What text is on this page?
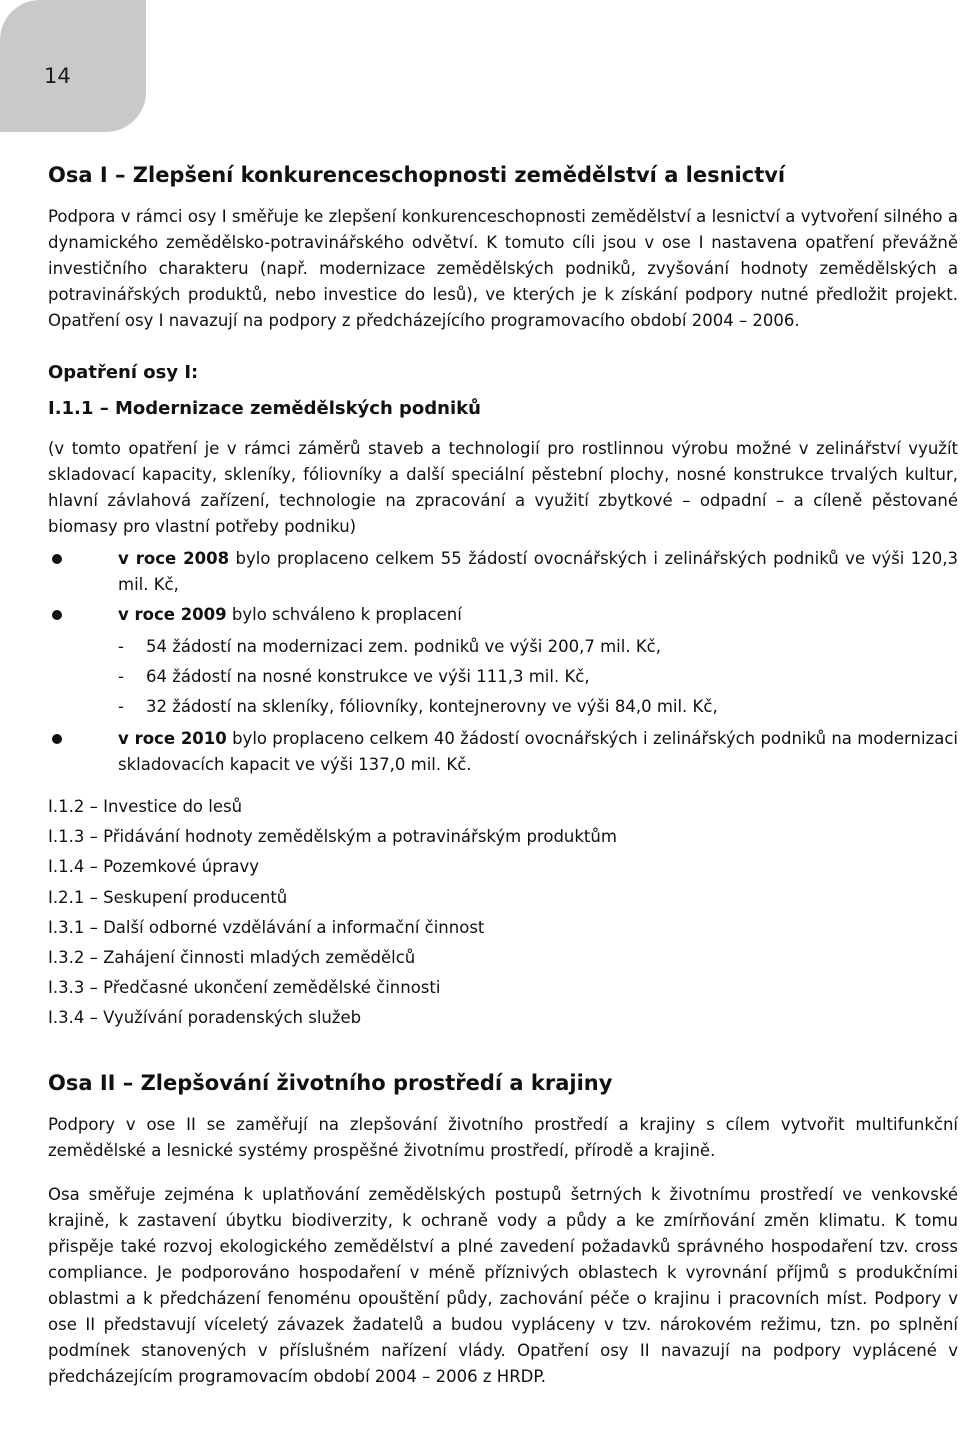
14
Osa I – Zlepšení konkurenceschopnosti zemědělství a lesnictví

Podpora v rámci osy I směřuje ke zlepšení konkurenceschopnosti zemědělství a lesnictví a vytvoření silného a dynamického zemědělsko-potravinářského odvětví. K tomuto cíli jsou v ose I nastavena opatření převážně investičního charakteru (např. modernizace zemědělských podniků, zvyšování hodnoty zemědělských a potravinářských produktů, nebo investice do lesů), ve kterých je k získání podpory nutné předložit projekt. Opatření osy I navazují na podpory z předcházejícího programovacího období 2004 – 2006.

Opatření osy I:
I.1.1 – Modernizace zemědělských podniků

(v tomto opatření je v rámci záměrů staveb a technologií pro rostlinnou výrobu možné v zelinářství využít skladovací kapacity, skleníky, fóliovníky a další speciální pěstební plochy, nosné konstrukce trvalých kultur, hlavní závlahová zařízení, technologie na zpracování a využití zbytkové – odpadní – a cíleně pěstované biomasy pro vlastní potřeby podniku)

v roce 2008 bylo proplaceno celkem 55 žádostí ovocnářských i zelinářských podniků ve výši 120,3 mil. Kč,
v roce 2009 bylo schváleno k proplacení
- 54 žádostí na modernizaci zem. podniků ve výši 200,7 mil. Kč,
- 64 žádostí na nosné konstrukce ve výši 111,3 mil. Kč,
- 32 žádostí na skleníky, fóliovníky, kontejnerovny ve výši 84,0 mil. Kč,
v roce 2010 bylo proplaceno celkem 40 žádostí ovocnářských i zelinářských podniků na modernizaci skladovacích kapacit ve výši 137,0 mil. Kč.
I.1.2 – Investice do lesů
I.1.3 – Přidávání hodnoty zemědělským a potravinářským produktům
I.1.4 – Pozemkové úpravy
I.2.1 – Seskupení producentů
I.3.1 – Další odborné vzdělávání a informační činnost
I.3.2 – Zahájení činnosti mladých zemědělců
I.3.3 – Předčasné ukončení zemědělské činnosti
I.3.4 – Využívání poradenských služeb
Osa II – Zlepšování životního prostředí a krajiny

Podpory v ose II se zaměřují na zlepšování životního prostředí a krajiny s cílem vytvořit multifunkční zemědělské a lesnické systémy prospěšné životnímu prostředí, přírodě a krajině.

Osa směřuje zejména k uplatňování zemědělských postupů šetrných k životnímu prostředí ve venkovské krajině, k zastavení úbytku biodiverzity, k ochraně vody a půdy a ke zmírňování změn klimatu. K tomu přispěje také rozvoj ekologického zemědělství a plné zavedení požadavků správného hospodaření tzv. cross compliance. Je podporováno hospodaření v méně příznivých oblastech k vyrovnání příjmů s produkčními oblastmi a k předcházení fenoménu opouštění půdy, zachování péče o krajinu i pracovních míst. Podpory v ose II představují víceletý závazek žadatelů a budou vypláceny v tzv. nárokovém režimu, tzn. po splnění podmínek stanovených v příslušném nařízení vlády. Opatření osy II navazují na podpory vyplácené v předcházejícím programovacím období 2004 – 2006 z HRDP.
